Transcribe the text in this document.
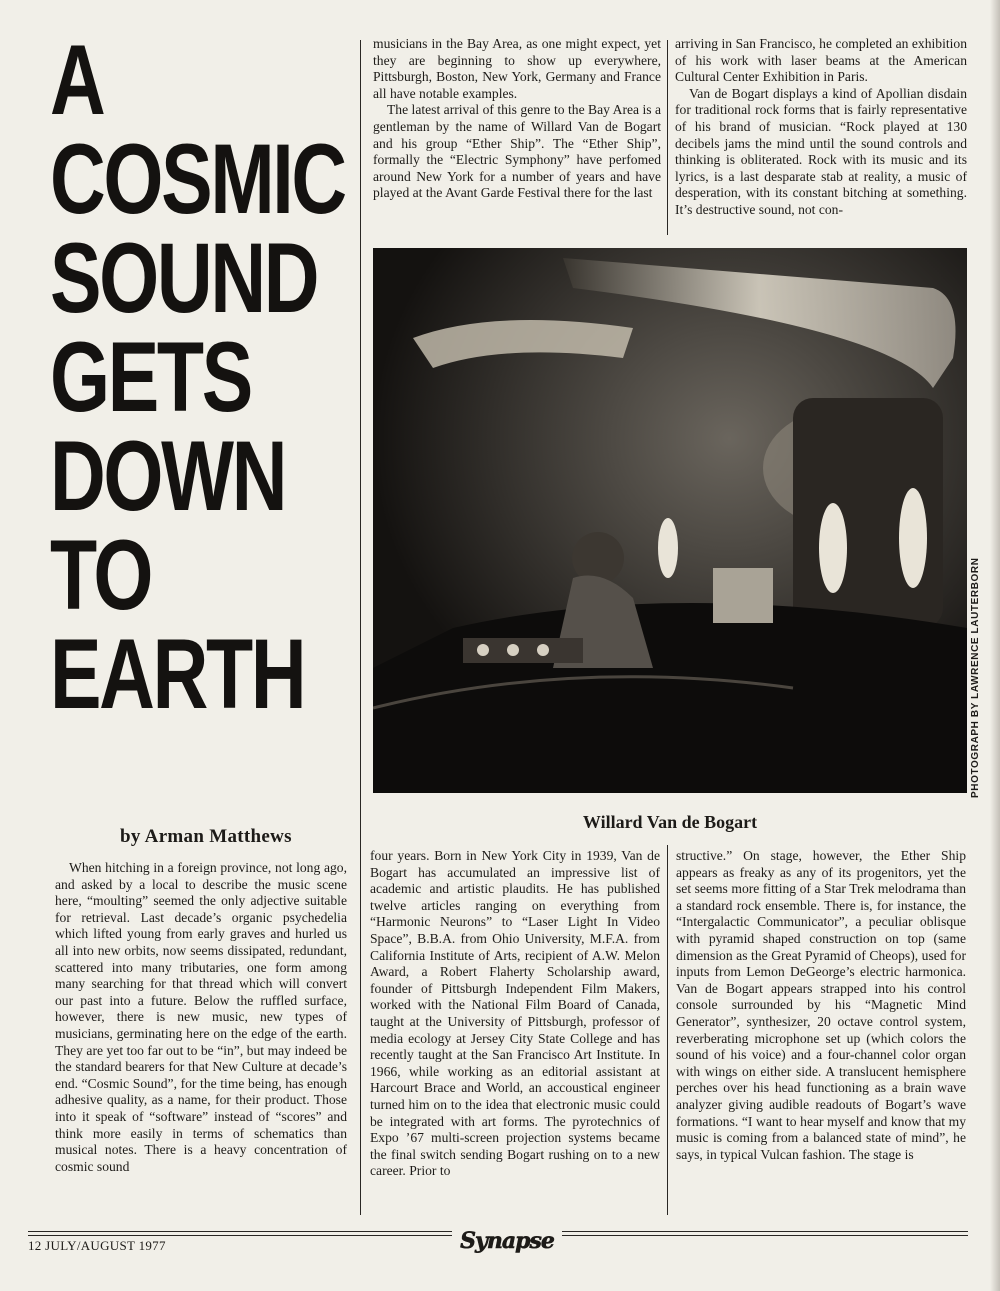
A
COSMIC
SOUND
GETS
DOWN
TO
EARTH

musicians in the Bay Area, as one might expect, yet they are beginning to show up everywhere, Pittsburgh, Boston, New York, Germany and France all have notable examples.

The latest arrival of this genre to the Bay Area is a gentleman by the name of Willard Van de Bogart and his group “Ether Ship”. The “Ether Ship”, formally the “Electric Symphony” have perfomed around New York for a number of years and have played at the Avant Garde Festival there for the last

arriving in San Francisco, he completed an exhibition of his work with laser beams at the American Cultural Center Exhibition in Paris.

Van de Bogart displays a kind of Apollian disdain for traditional rock forms that is fairly representative of his brand of musician. “Rock played at 130 decibels jams the mind until the sound controls and thinking is obliterated. Rock with its music and its lyrics, is a last desparate stab at reality, a music of desperation, with its constant bitching at something. It’s destructive sound, not con-

PHOTOGRAPH BY LAWRENCE LAUTERBORN
Willard Van de Bogart
by Arman Matthews

When hitching in a foreign province, not long ago, and asked by a local to describe the music scene here, “moulting” seemed the only adjective suitable for retrieval. Last decade’s organic psychedelia which lifted young from early graves and hurled us all into new orbits, now seems dissipated, redundant, scattered into many tributaries, one form among many searching for that thread which will convert our past into a future. Below the ruffled surface, however, there is new music, new types of musicians, germinating here on the edge of the earth. They are yet too far out to be “in”, but may indeed be the standard bearers for that New Culture at decade’s end. “Cosmic Sound”, for the time being, has enough adhesive quality, as a name, for their product. Those into it speak of “software” instead of “scores” and think more easily in terms of schematics than musical notes. There is a heavy concentration of cosmic sound

four years. Born in New York City in 1939, Van de Bogart has accumulated an impressive list of academic and artistic plaudits. He has published twelve articles ranging on everything from “Harmonic Neurons” to “Laser Light In Video Space”, B.B.A. from Ohio University, M.F.A. from California Institute of Arts, recipient of A.W. Melon Award, a Robert Flaherty Scholarship award, founder of Pittsburgh Independent Film Makers, worked with the National Film Board of Canada, taught at the University of Pittsburgh, professor of media ecology at Jersey City State College and has recently taught at the San Francisco Art Institute. In 1966, while working as an editorial assistant at Harcourt Brace and World, an accoustical engineer turned him on to the idea that electronic music could be integrated with art forms. The pyrotechnics of Expo ’67 multi-screen projection systems became the final switch sending Bogart rushing on to a new career. Prior to

structive.” On stage, however, the Ether Ship appears as freaky as any of its progenitors, yet the set seems more fitting of a Star Trek melodrama than a standard rock ensemble. There is, for instance, the “Intergalactic Communicator”, a peculiar oblisque with pyramid shaped construction on top (same dimension as the Great Pyramid of Cheops), used for inputs from Lemon DeGeorge’s electric harmonica. Van de Bogart appears strapped into his control console surrounded by his “Magnetic Mind Generator”, synthesizer, 20 octave control system, reverberating microphone set up (which colors the sound of his voice) and a four-channel color organ with wings on either side. A translucent hemisphere perches over his head functioning as a brain wave analyzer giving audible readouts of Bogart’s wave formations. “I want to hear myself and know that my music is coming from a balanced state of mind”, he says, in typical Vulcan fashion. The stage is

12 JULY/AUGUST 1977	Synapse
